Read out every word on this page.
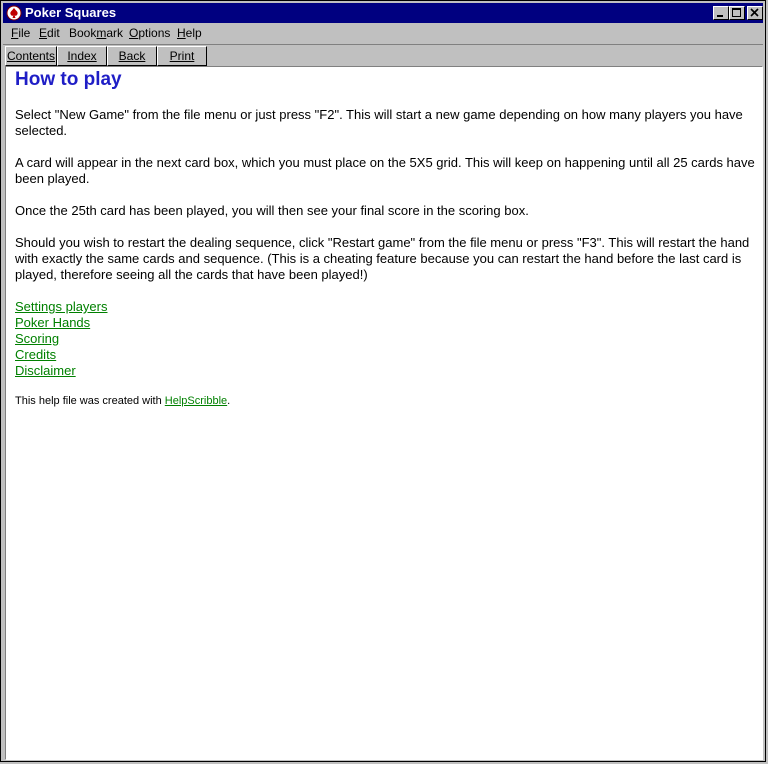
Poker Squares
File Edit Bookmark Options Help
Contents	Index	Back	Print
How to play

Select "New Game" from the file menu or just press "F2". This will start a new game depending on how many players you have selected.

A card will appear in the next card box, which you must place on the 5X5 grid. This will keep on happening until all 25 cards have been played.

Once the 25th card has been played, you will then see your final score in the scoring box.

Should you wish to restart the dealing sequence, click "Restart game" from the file menu or press "F3". This will restart the hand with exactly the same cards and sequence. (This is a cheating feature because you can restart the hand before the last card is played, therefore seeing all the cards that have been played!)

Settings players
Poker Hands
Scoring
Credits
Disclaimer
This help file was created with HelpScribble.
